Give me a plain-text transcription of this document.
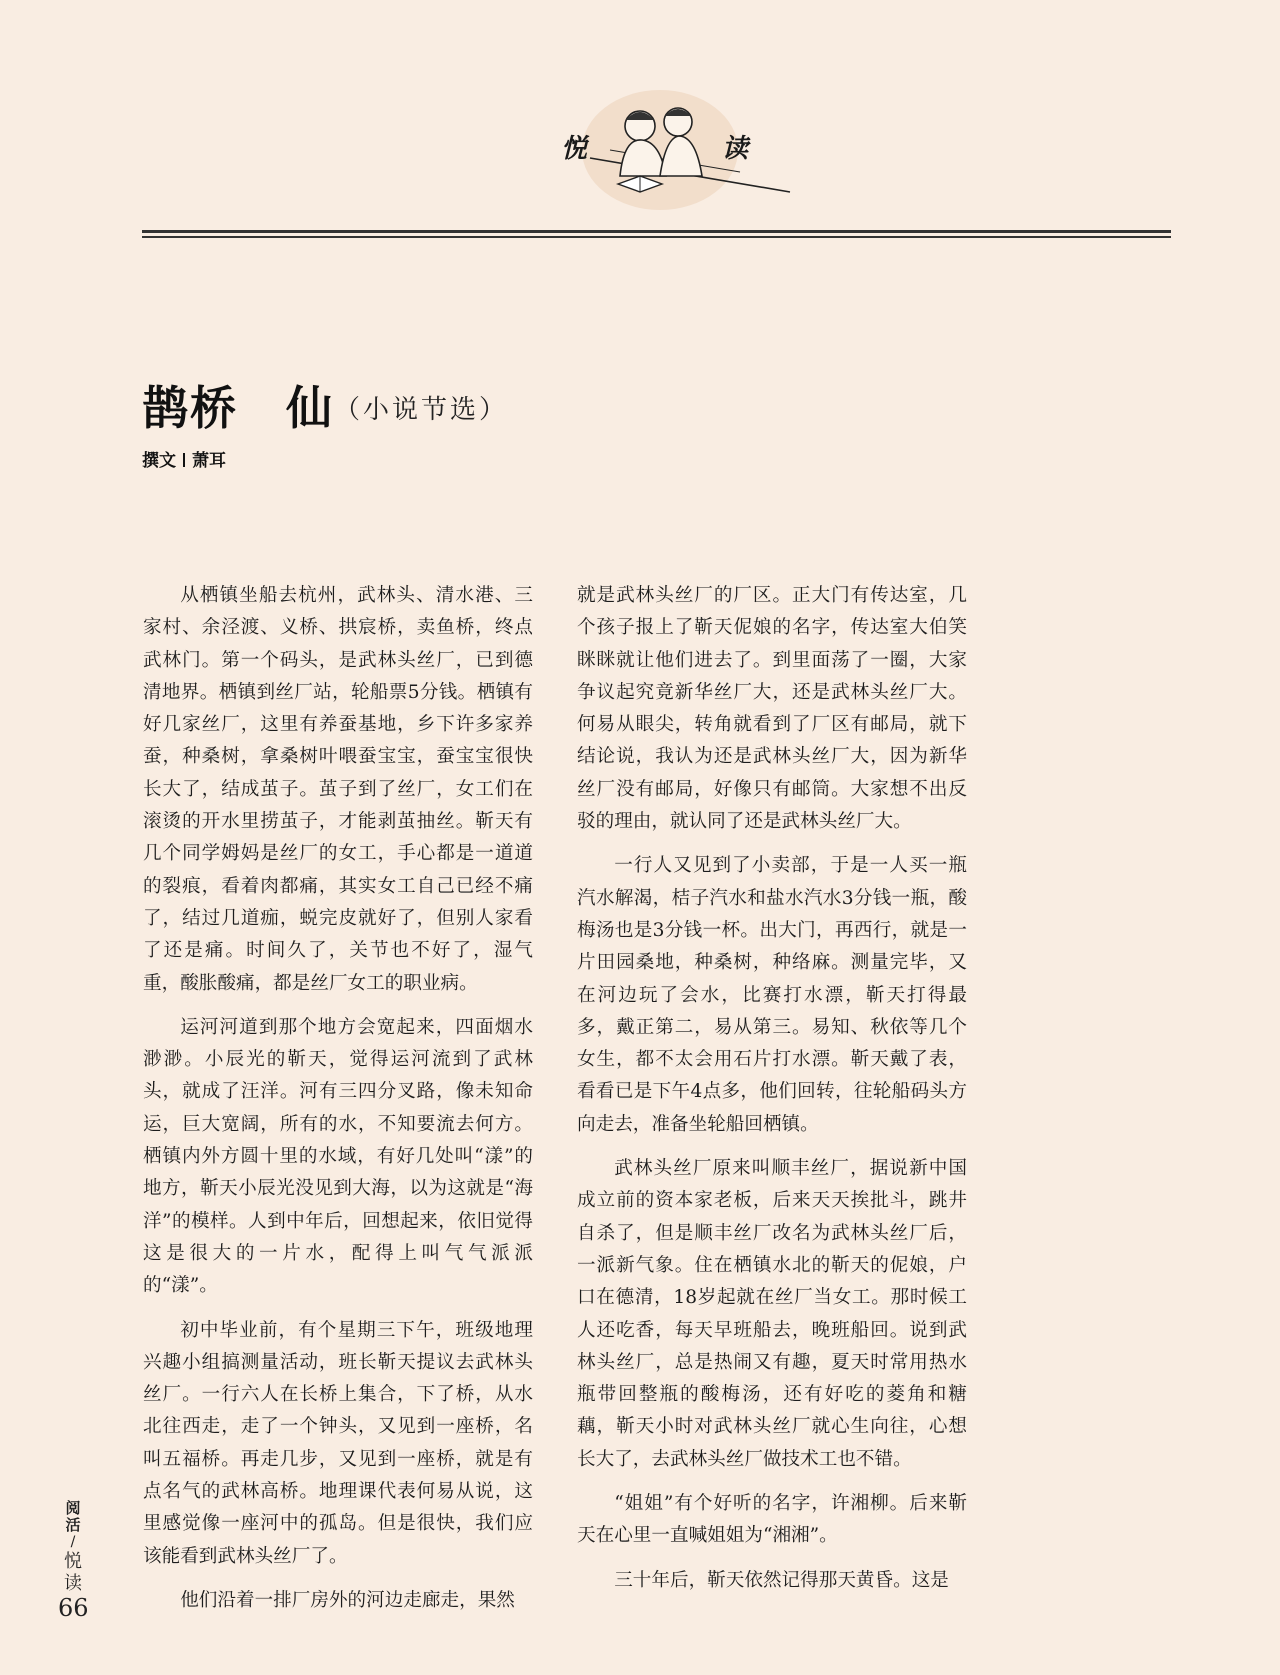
悦	读
鹊桥　仙（小说节选）
撰文 萧耳

从栖镇坐船去杭州，武林头、清水港、三家村、余泾渡、义桥、拱宸桥，卖鱼桥，终点武林门。第一个码头，是武林头丝厂，已到德清地界。栖镇到丝厂站，轮船票5分钱。栖镇有好几家丝厂，这里有养蚕基地，乡下许多家养蚕，种桑树，拿桑树叶喂蚕宝宝，蚕宝宝很快长大了，结成茧子。茧子到了丝厂，女工们在滚烫的开水里捞茧子，才能剥茧抽丝。靳天有几个同学姆妈是丝厂的女工，手心都是一道道的裂痕，看着肉都痛，其实女工自己已经不痛了，结过几道痂，蜕完皮就好了，但别人家看了还是痛。时间久了，关节也不好了，湿气重，酸胀酸痛，都是丝厂女工的职业病。

运河河道到那个地方会宽起来，四面烟水渺渺。小辰光的靳天，觉得运河流到了武林头，就成了汪洋。河有三四分叉路，像未知命运，巨大宽阔，所有的水，不知要流去何方。栖镇内外方圆十里的水域，有好几处叫“漾”的地方，靳天小辰光没见到大海，以为这就是“海洋”的模样。人到中年后，回想起来，依旧觉得这是很大的一片水，配得上叫气气派派的“漾”。

初中毕业前，有个星期三下午，班级地理兴趣小组搞测量活动，班长靳天提议去武林头丝厂。一行六人在长桥上集合，下了桥，从水北往西走，走了一个钟头，又见到一座桥，名叫五福桥。再走几步，又见到一座桥，就是有点名气的武林高桥。地理课代表何易从说，这里感觉像一座河中的孤岛。但是很快，我们应该能看到武林头丝厂了。

他们沿着一排厂房外的河边走廊走，果然

就是武林头丝厂的厂区。正大门有传达室，几个孩子报上了靳天伲娘的名字，传达室大伯笑眯眯就让他们进去了。到里面荡了一圈，大家争议起究竟新华丝厂大，还是武林头丝厂大。何易从眼尖，转角就看到了厂区有邮局，就下结论说，我认为还是武林头丝厂大，因为新华丝厂没有邮局，好像只有邮筒。大家想不出反驳的理由，就认同了还是武林头丝厂大。

一行人又见到了小卖部，于是一人买一瓶汽水解渴，桔子汽水和盐水汽水3分钱一瓶，酸梅汤也是3分钱一杯。出大门，再西行，就是一片田园桑地，种桑树，种络麻。测量完毕，又在河边玩了会水，比赛打水漂，靳天打得最多，戴正第二，易从第三。易知、秋依等几个女生，都不太会用石片打水漂。靳天戴了表，看看已是下午4点多，他们回转，往轮船码头方向走去，准备坐轮船回栖镇。

武林头丝厂原来叫顺丰丝厂，据说新中国成立前的资本家老板，后来天天挨批斗，跳井自杀了，但是顺丰丝厂改名为武林头丝厂后，一派新气象。住在栖镇水北的靳天的伲娘，户口在德清，18岁起就在丝厂当女工。那时候工人还吃香，每天早班船去，晚班船回。说到武林头丝厂，总是热闹又有趣，夏天时常用热水瓶带回整瓶的酸梅汤，还有好吃的菱角和糖藕，靳天小时对武林头丝厂就心生向往，心想长大了，去武林头丝厂做技术工也不错。

“姐姐”有个好听的名字，许湘柳。后来靳天在心里一直喊姐姐为“湘湘”。

三十年后，靳天依然记得那天黄昏。这是

阅
活
/
悦
读
66
